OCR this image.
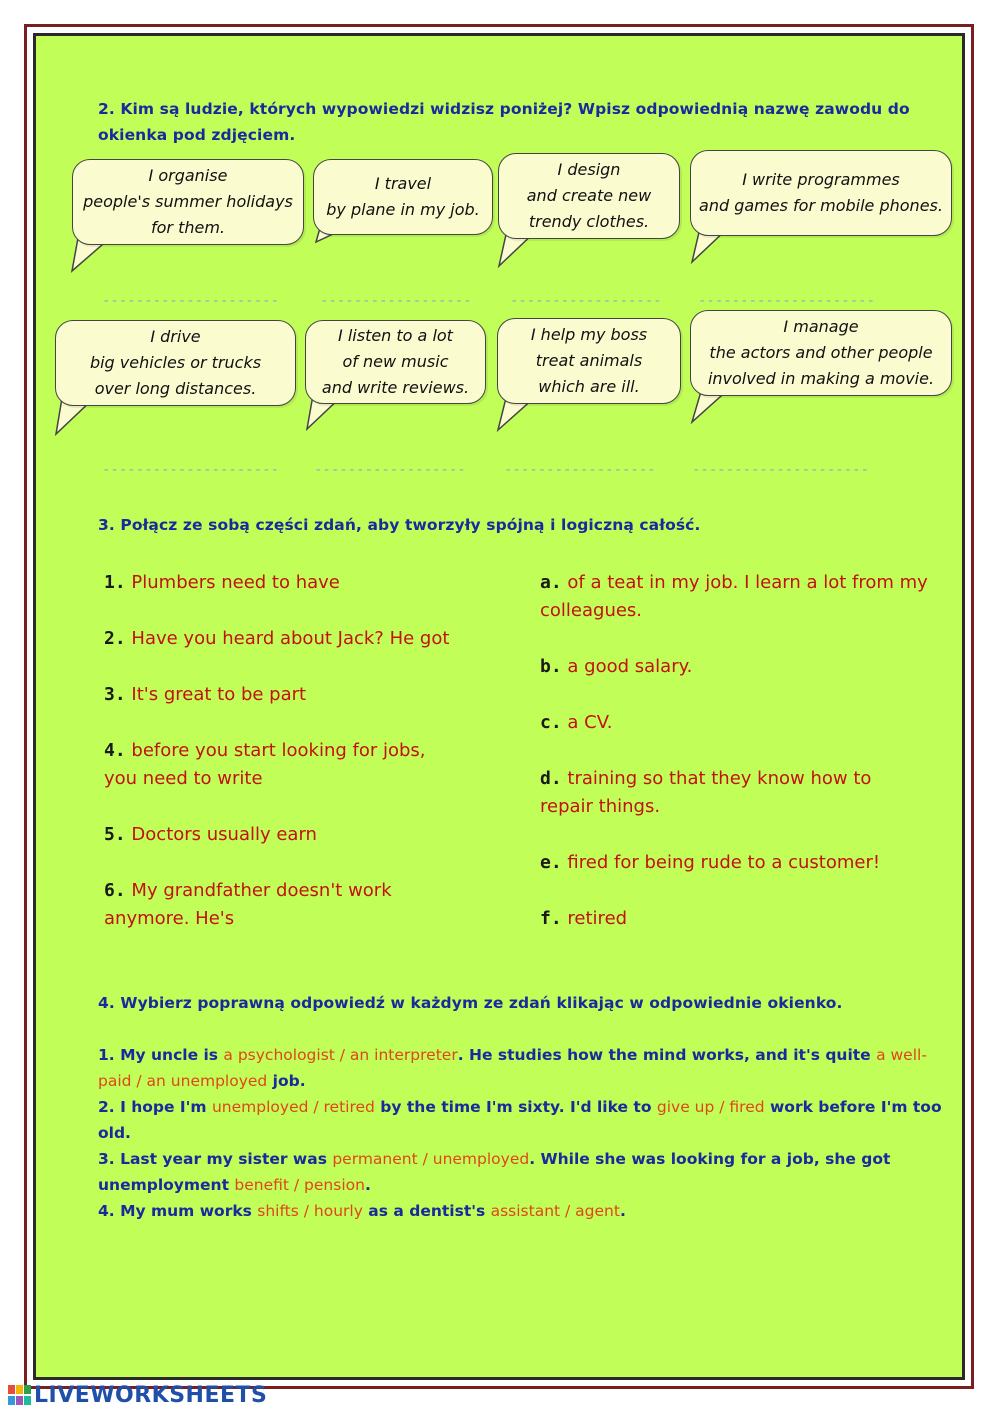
2. Kim są ludzie, których wypowiedzi widzisz poniżej? Wpisz odpowiednią nazwę zawodu do okienka pod zdjęciem.
I organise
people's summer holidays
for them.
I travel
by plane in my job.
I design
and create new
trendy clothes.
I write programmes
and games for mobile phones.
---------------------	------------------	------------------	---------------------
I drive
big vehicles or trucks
over long distances.
I listen to a lot
of new music
and write reviews.
I help my boss
treat animals
which are ill.
I manage
the actors and other people
involved in making a movie.
--------------------- ------------------	------------------	---------------------
3. Połącz ze sobą części zdań, aby tworzyły spójną i logiczną całość.
1. Plumbers need to have
2. Have you heard about Jack? He got
3. It's great to be part
4. before you start looking for jobs, you need to write
5. Doctors usually earn
6. My grandfather doesn't work anymore. He's
a. of a teat in my job. I learn a lot from my colleagues.
b. a good salary.
c. a CV.
d. training so that they know how to repair things.
e. fired for being rude to a customer!
f. retired
4. Wybierz poprawną odpowiedź w każdym ze zdań klikając w odpowiednie okienko.
1. My uncle is a psychologist / an interpreter. He studies how the mind works, and it's quite a well-paid / an unemployed job.
2. I hope I'm unemployed / retired by the time I'm sixty. I'd like to give up / fired work before I'm too old.
3. Last year my sister was permanent / unemployed. While she was looking for a job, she got unemployment benefit / pension.
4. My mum works shifts / hourly as a dentist's assistant / agent.
LIVEWORKSHEETS
